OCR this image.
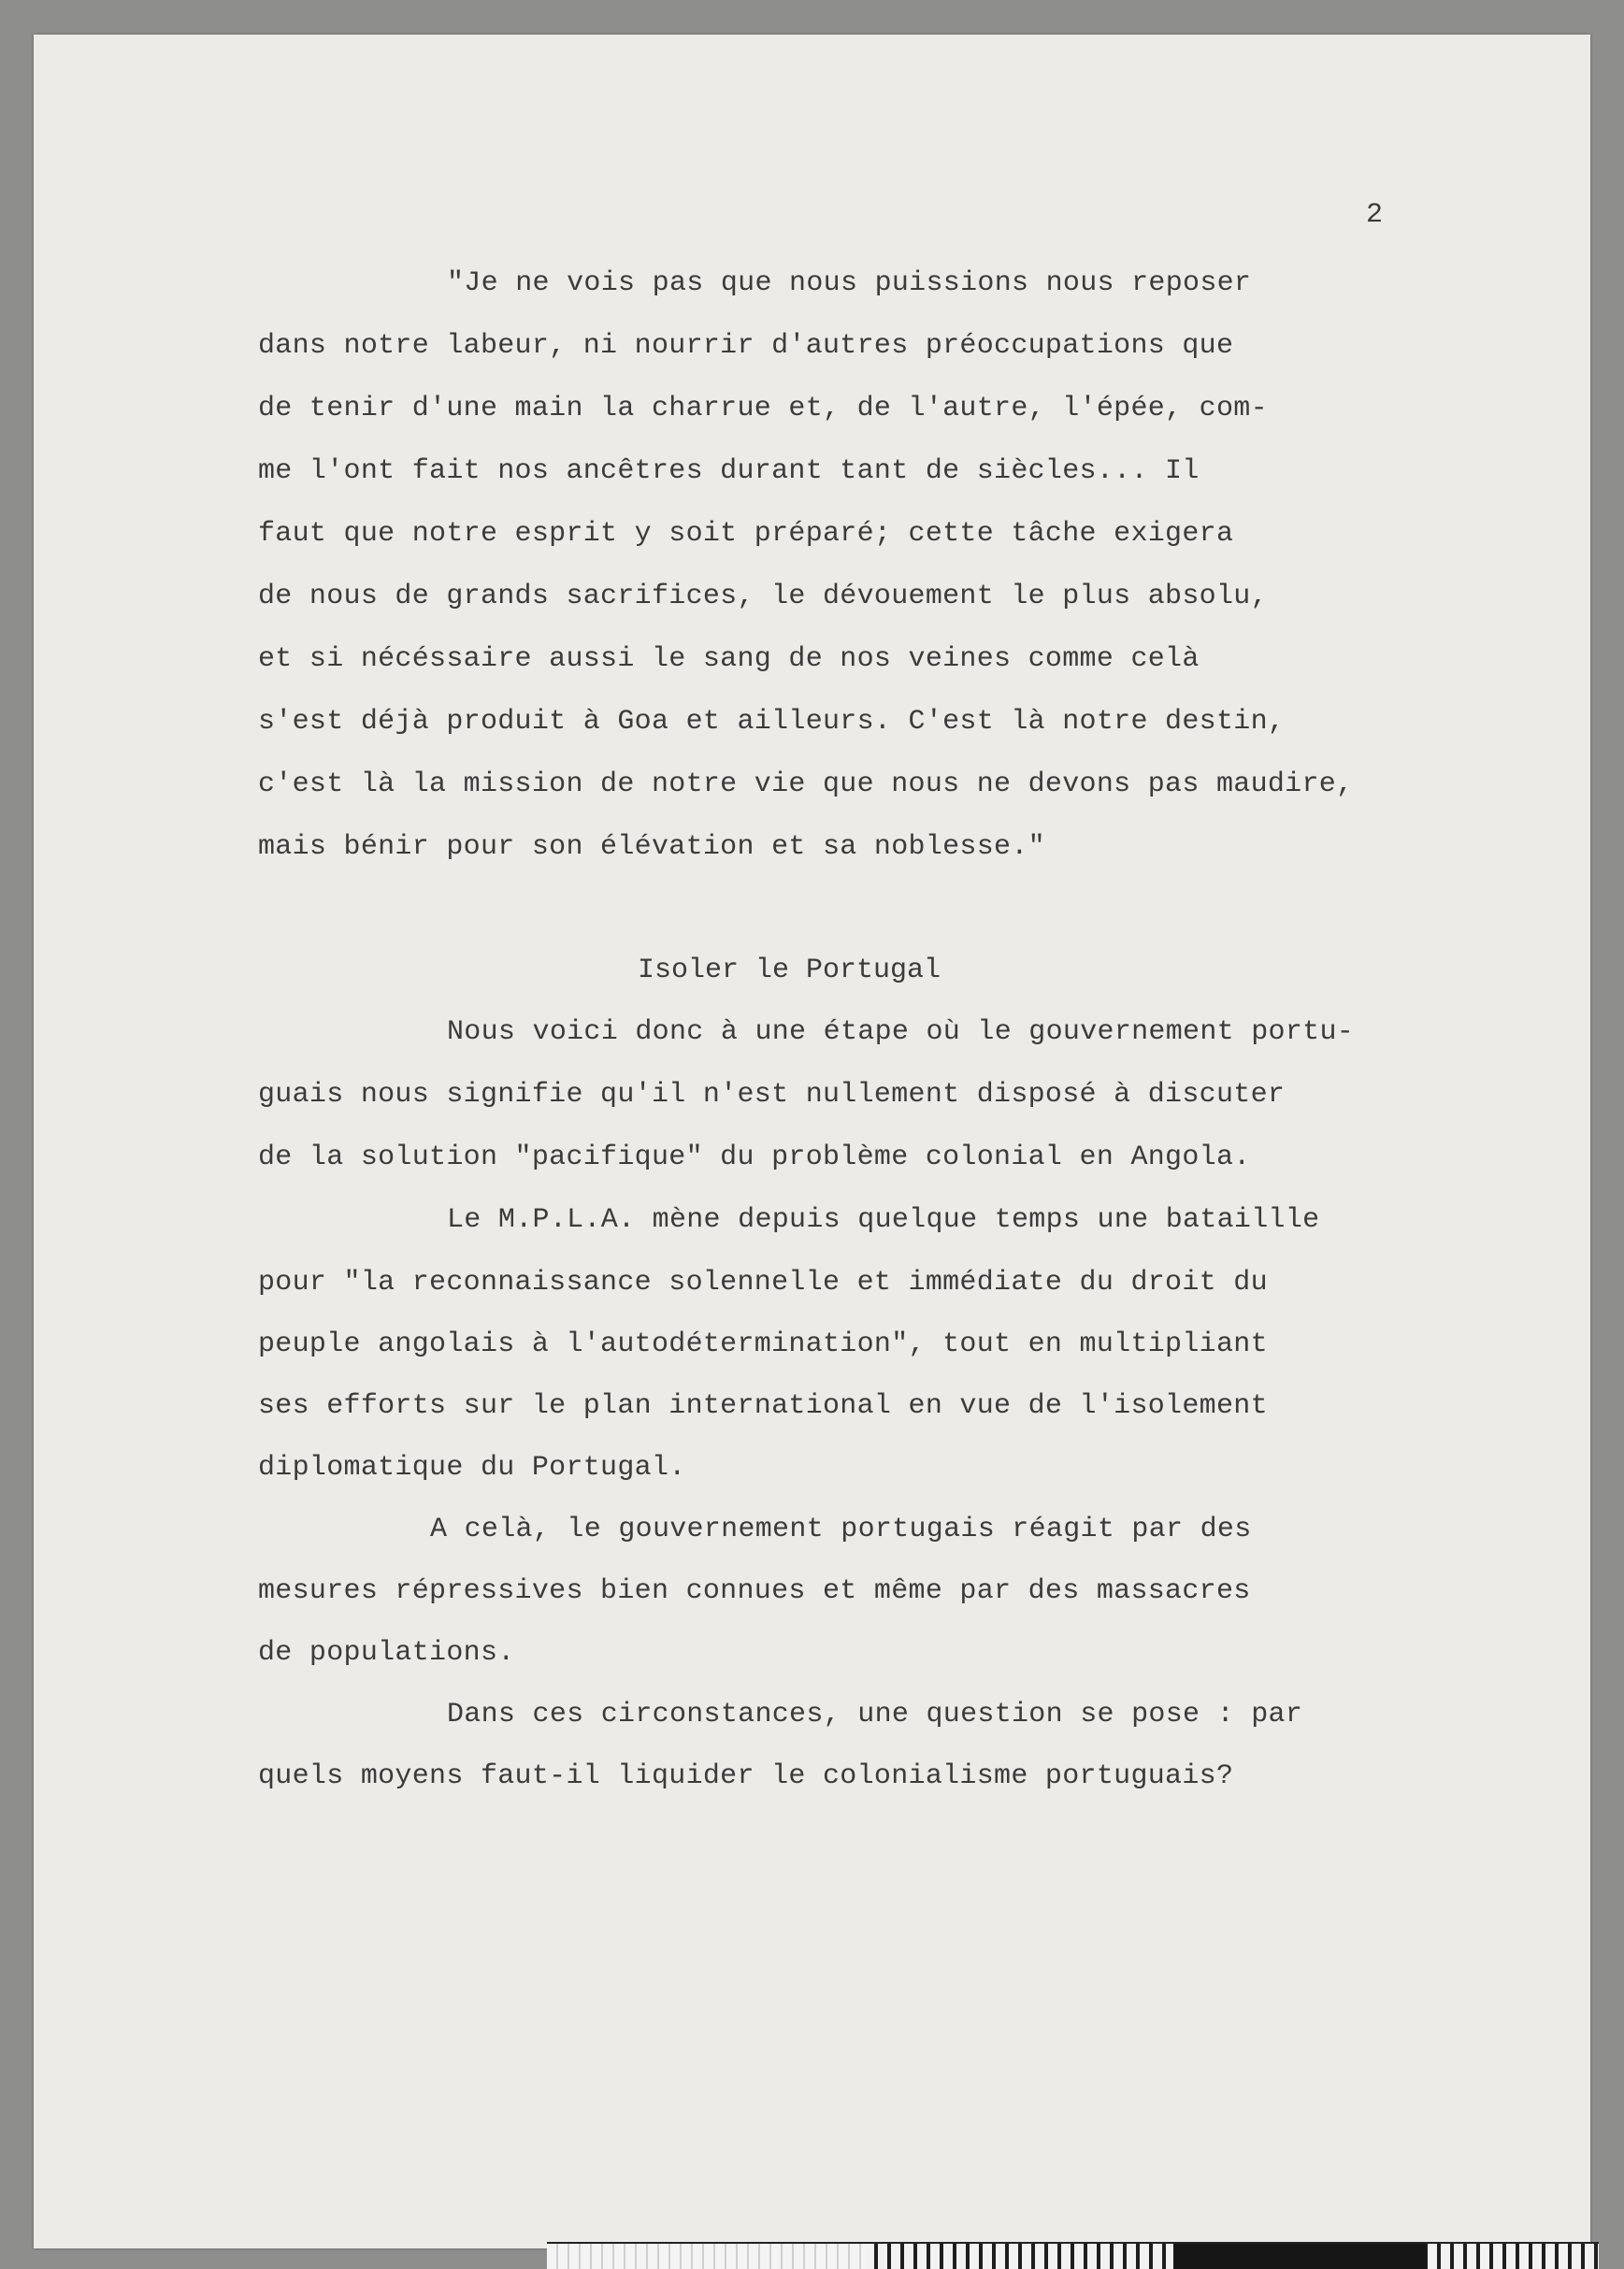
2
"Je ne vois pas que nous puissions nous reposer
dans notre labeur, ni nourrir d'autres préoccupations que
de tenir d'une main la charrue et, de l'autre, l'épée, com-
me l'ont fait nos ancêtres durant tant de siècles... Il
faut que notre esprit y soit préparé; cette tâche exigera
de nous de grands sacrifices, le dévouement le plus absolu,
et si nécéssaire aussi le sang de nos veines comme celà
s'est déjà produit à Goa et ailleurs. C'est là notre destin,
c'est là la mission de notre vie que nous ne devons pas maudire,
mais bénir pour son élévation et sa noblesse."
Isoler le Portugal
Nous voici donc à une étape où le gouvernement portu-
guais nous signifie qu'il n'est nullement disposé à discuter
de la solution "pacifique" du problème colonial en Angola.
Le M.P.L.A. mène depuis quelque temps une bataillle
pour "la reconnaissance solennelle et immédiate du droit du
peuple angolais à l'autodétermination", tout en multipliant
ses efforts sur le plan international en vue de l'isolement
diplomatique du Portugal.
A celà, le gouvernement portugais réagit par des
mesures répressives bien connues et même par des massacres
de populations.
Dans ces circonstances, une question se pose : par
quels moyens faut-il liquider le colonialisme portuguais?
